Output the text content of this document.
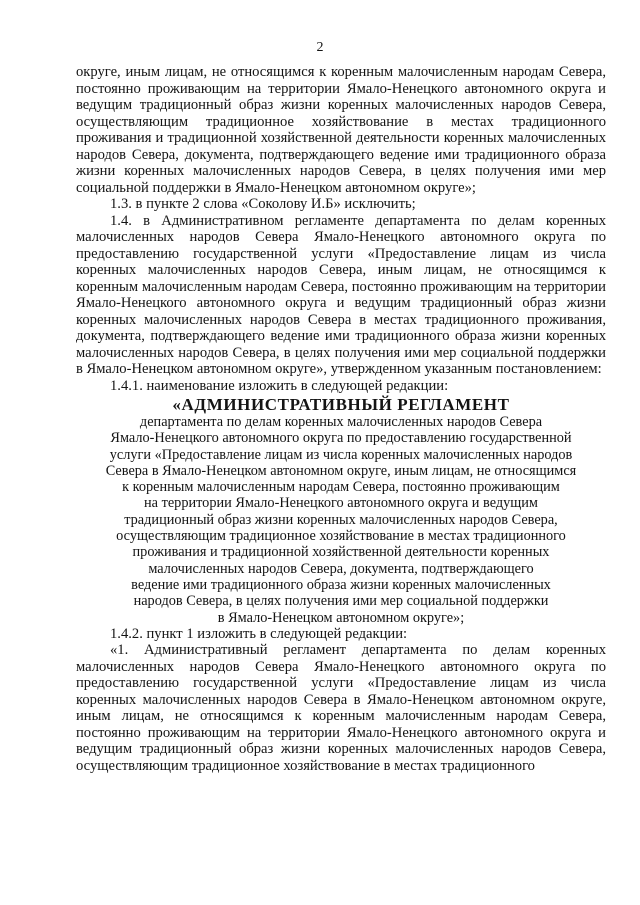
2

округе, иным лицам, не относящимся к коренным малочисленным народам Севера, постоянно проживающим на территории Ямало-Ненецкого автономного округа и ведущим традиционный образ жизни коренных малочисленных народов Севера, осуществляющим традиционное хозяйствование в местах традиционного проживания и традиционной хозяйственной деятельности коренных малочисленных народов Севера, документа, подтверждающего ведение ими традиционного образа жизни коренных малочисленных народов Севера, в целях получения ими мер социальной поддержки в Ямало-Ненецком автономном округе»;

1.3. в пункте 2 слова «Соколову И.Б» исключить;

1.4. в Административном регламенте департамента по делам коренных малочисленных народов Севера Ямало-Ненецкого автономного округа по предоставлению государственной услуги «Предоставление лицам из числа коренных малочисленных народов Севера, иным лицам, не относящимся к коренным малочисленным народам Севера, постоянно проживающим на территории Ямало-Ненецкого автономного округа и ведущим традиционный образ жизни коренных малочисленных народов Севера в местах традиционного проживания, документа, подтверждающего ведение ими традиционного образа жизни коренных малочисленных народов Севера, в целях получения ими мер социальной поддержки в Ямало-Ненецком автономном округе», утвержденном указанным постановлением:

1.4.1. наименование изложить в следующей редакции:

«АДМИНИСТРАТИВНЫЙ РЕГЛАМЕНТ
департамента по делам коренных малочисленных народов Севера
Ямало-Ненецкого автономного округа по предоставлению государственной
услуги «Предоставление лицам из числа коренных малочисленных народов
Севера в Ямало-Ненецком автономном округе, иным лицам, не относящимся
к коренным малочисленным народам Севера, постоянно проживающим
на территории Ямало-Ненецкого автономного округа и ведущим
традиционный образ жизни коренных малочисленных народов Севера,
осуществляющим традиционное хозяйствование в местах традиционного
проживания и традиционной хозяйственной деятельности коренных
малочисленных народов Севера, документа, подтверждающего
ведение ими традиционного образа жизни коренных малочисленных
народов Севера, в целях получения ими мер социальной поддержки
в Ямало-Ненецком автономном округе»;

1.4.2. пункт 1 изложить в следующей редакции:

«1. Административный регламент департамента по делам коренных малочисленных народов Севера Ямало-Ненецкого автономного округа по предоставлению государственной услуги «Предоставление лицам из числа коренных малочисленных народов Севера в Ямало-Ненецком автономном округе, иным лицам, не относящимся к коренным малочисленным народам Севера, постоянно проживающим на территории Ямало-Ненецкого автономного округа и ведущим традиционный образ жизни коренных малочисленных народов Севера, осуществляющим традиционное хозяйствование в местах традиционного
